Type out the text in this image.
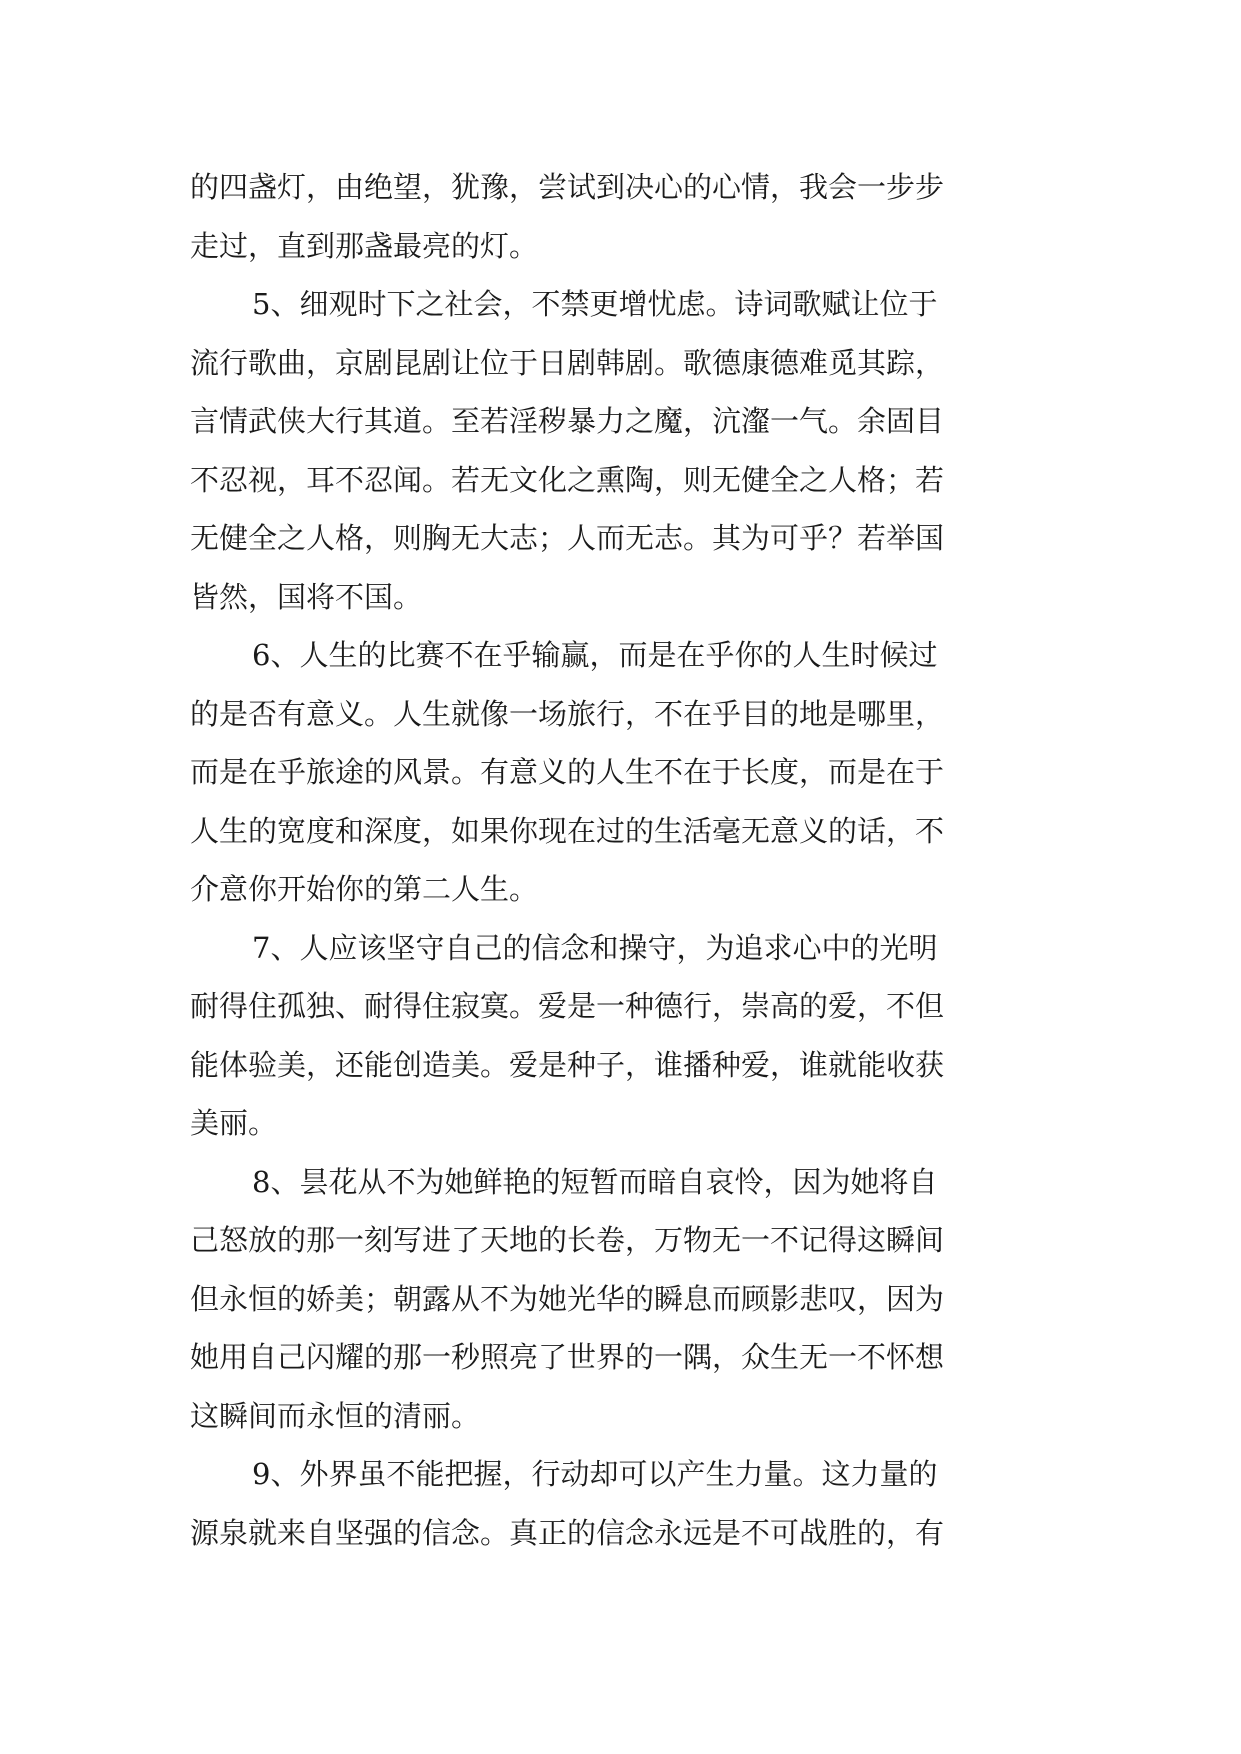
的四盏灯，由绝望，犹豫，尝试到决心的心情，我会一步步
走过，直到那盏最亮的灯。
5、细观时下之社会，不禁更增忧虑。诗词歌赋让位于
流行歌曲，京剧昆剧让位于日剧韩剧。歌德康德难觅其踪，
言情武侠大行其道。至若淫秽暴力之魔，沆瀣一气。余固目
不忍视，耳不忍闻。若无文化之熏陶，则无健全之人格；若
无健全之人格，则胸无大志；人而无志。其为可乎？若举国
皆然，国将不国。
6、人生的比赛不在乎输赢，而是在乎你的人生时候过
的是否有意义。人生就像一场旅行，不在乎目的地是哪里，
而是在乎旅途的风景。有意义的人生不在于长度，而是在于
人生的宽度和深度，如果你现在过的生活毫无意义的话，不
介意你开始你的第二人生。
7、人应该坚守自己的信念和操守，为追求心中的光明
耐得住孤独、耐得住寂寞。爱是一种德行，崇高的爱，不但
能体验美，还能创造美。爱是种子，谁播种爱，谁就能收获
美丽。
8、昙花从不为她鲜艳的短暂而暗自哀怜，因为她将自
己怒放的那一刻写进了天地的长卷，万物无一不记得这瞬间
但永恒的娇美；朝露从不为她光华的瞬息而顾影悲叹，因为
她用自己闪耀的那一秒照亮了世界的一隅，众生无一不怀想
这瞬间而永恒的清丽。
9、外界虽不能把握，行动却可以产生力量。这力量的
源泉就来自坚强的信念。真正的信念永远是不可战胜的，有
